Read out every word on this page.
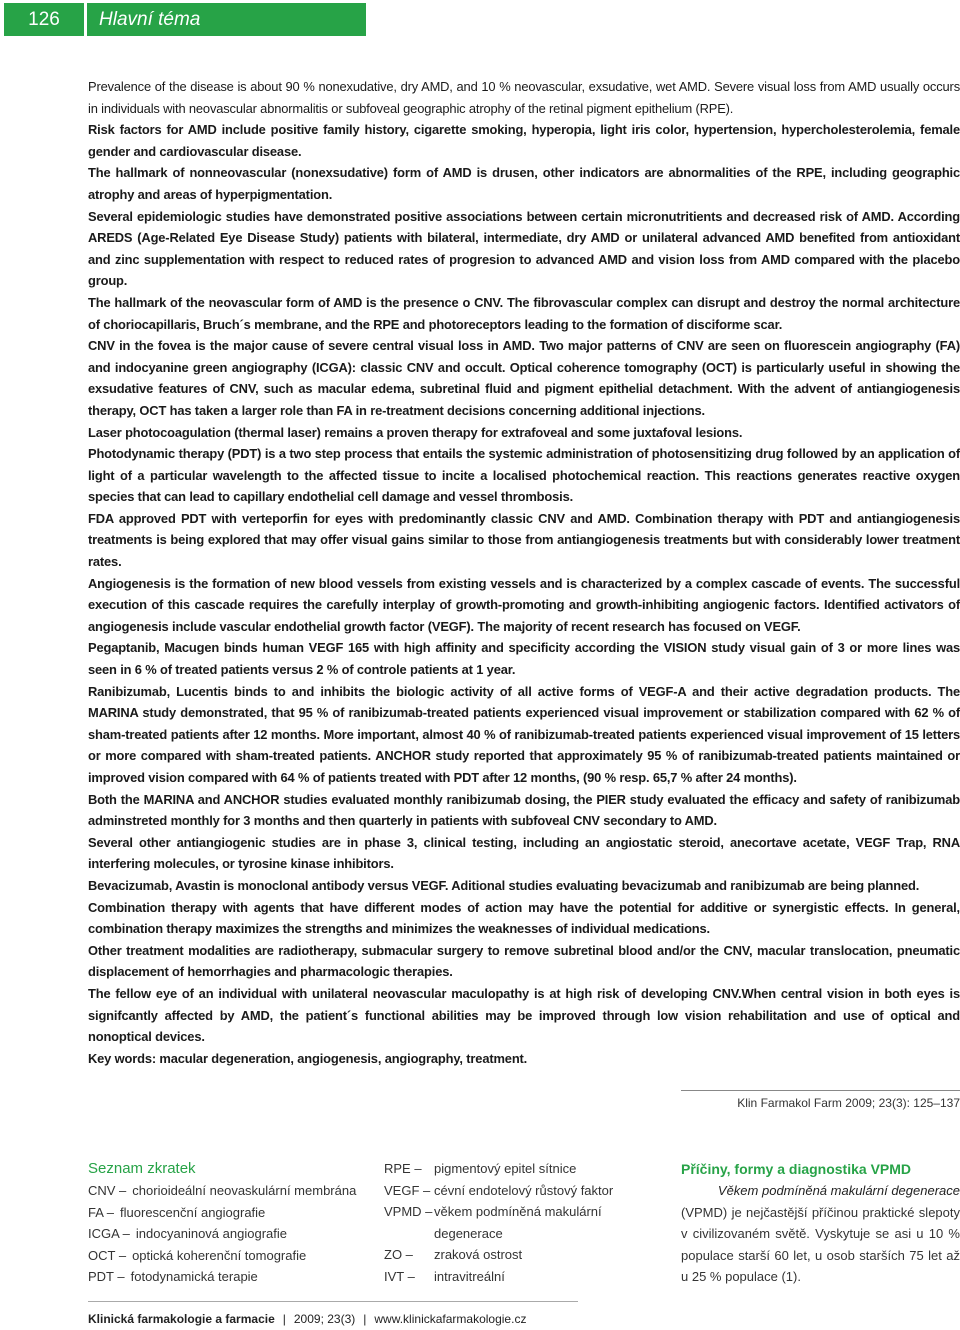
126	Hlavní téma

Prevalence of the disease is about 90 % nonexudative, dry AMD, and 10 % neovascular, exsudative, wet AMD. Severe visual loss from AMD usually occurs in individuals with neovascular abnormalitis or subfoveal geographic atrophy of the retinal pigment epithelium (RPE).

Risk factors for AMD include positive family history, cigarette smoking, hyperopia, light iris color, hypertension, hypercholesterolemia, female gender and cardiovascular disease.

The hallmark of nonneovascular (nonexsudative) form of AMD is drusen, other indicators are abnormalities of the RPE, including geographic atrophy and areas of hyperpigmentation.

Several epidemiologic studies have demonstrated positive associations between certain micronutritients and decreased risk of AMD. According AREDS (Age-Related Eye Disease Study) patients with bilateral, intermediate, dry AMD or unilateral advanced AMD benefited from antioxidant and zinc supplementation with respect to reduced rates of progresion to advanced AMD and vision loss from AMD compared with the placebo group.

The hallmark of the neovascular form of AMD is the presence o CNV. The fibrovascular complex can disrupt and destroy the normal architecture of choriocapillaris, Bruch´s membrane, and the RPE and photoreceptors leading to the formation of disciforme scar.

CNV in the fovea is the major cause of severe central visual loss in AMD. Two major patterns of CNV are seen on fluorescein angiography (FA) and indocyanine green angiography (ICGA): classic CNV and occult. Optical coherence tomography (OCT) is particularly useful in showing the exsudative features of CNV, such as macular edema, subretinal fluid and pigment epithelial detachment. With the advent of antiangiogenesis therapy, OCT has taken a larger role than FA in re-treatment decisions concerning additional injections.

Laser photocoagulation (thermal laser) remains a proven therapy for extrafoveal and some juxtafoval lesions.

Photodynamic therapy (PDT) is a two step process that entails the systemic administration of photosensitizing drug followed by an application of light of a particular wavelength to the affected tissue to incite a localised photochemical reaction. This reactions generates reactive oxygen species that can lead to capillary endothelial cell damage and vessel thrombosis.

FDA approved PDT with verteporfin for eyes with predominantly classic CNV and AMD. Combination therapy with PDT and antiangiogenesis treatments is being explored that may offer visual gains similar to those from antiangiogenesis treatments but with considerably lower treatment rates.

Angiogenesis is the formation of new blood vessels from existing vessels and is characterized by a complex cascade of events. The successful execution of this cascade requires the carefully interplay of growth-promoting and growth-inhibiting angiogenic factors. Identified activators of angiogenesis include vascular endothelial growth factor (VEGF). The majority of recent research has focused on VEGF.

Pegaptanib, Macugen binds human VEGF 165 with high affinity and specificity according the VISION study visual gain of 3 or more lines was seen in 6 % of treated patients versus 2 % of controle patients at 1 year.

Ranibizumab, Lucentis binds to and inhibits the biologic activity of all active forms of VEGF-A and their active degradation products. The MARINA study demonstrated, that 95 % of ranibizumab-treated patients experienced visual improvement or stabilization compared with 62 % of sham-treated patients after 12 months. More important, almost 40 % of ranibizumab-treated patients experienced visual improvement of 15 letters or more compared with sham-treated patients. ANCHOR study reported that approximately 95 % of ranibizumab-treated patients maintained or improved vision compared with 64 % of patients treated with PDT after 12 months, (90 % resp. 65,7 % after 24 months).

Both the MARINA and ANCHOR studies evaluated monthly ranibizumab dosing, the PIER study evaluated the efficacy and safety of ranibizumab adminstreted monthly for 3 months and then quarterly in patients with subfoveal CNV secondary to AMD.

Several other antiangiogenic studies are in phase 3, clinical testing, including an angiostatic steroid, anecortave acetate, VEGF Trap, RNA interfering molecules, or tyrosine kinase inhibitors.

Bevacizumab, Avastin is monoclonal antibody versus VEGF. Aditional studies evaluating bevacizumab and ranibizumab are being planned.

Combination therapy with agents that have different modes of action may have the potential for additive or synergistic effects. In general, combination therapy maximizes the strengths and minimizes the weaknesses of individual medications.

Other treatment modalities are radiotherapy, submacular surgery to remove subretinal blood and/or the CNV, macular translocation, pneumatic displacement of hemorrhagies and pharmacologic therapies.

The fellow eye of an individual with unilateral neovascular maculopathy is at high risk of developing CNV.When central vision in both eyes is signifcantly affected by AMD, the patient´s functional abilities may be improved through low vision rehabilitation and use of optical and nonoptical devices.

Key words: macular degeneration, angiogenesis, angiography, treatment.

Klin Farmakol Farm 2009; 23(3): 125–137
Seznam zkratek
CNV – chorioideální neovaskulární membrána
FA – fluorescenční angiografie
ICGA – indocyaninová angiografie
OCT – optická koherenční tomografie
PDT – fotodynamická terapie
RPE – pigmentový epitel sítnice
VEGF – cévní endotelový růstový faktor
VPMD – věkem podmíněná makulární degenerace
ZO –	zraková ostrost
IVT –	intravitreální
Příčiny, formy a diagnostika VPMD
Věkem podmíněná makulární degenerace
(VPMD) je nejčastější příčinou praktické slepoty v civilizovaném světě. Vyskytuje se asi u 10 % populace starší 60 let, u osob starších 75 let až u 25 % populace (1).
Klinická farmakologie a farmacie | 2009; 23(3) | www.klinickafarmakologie.cz
